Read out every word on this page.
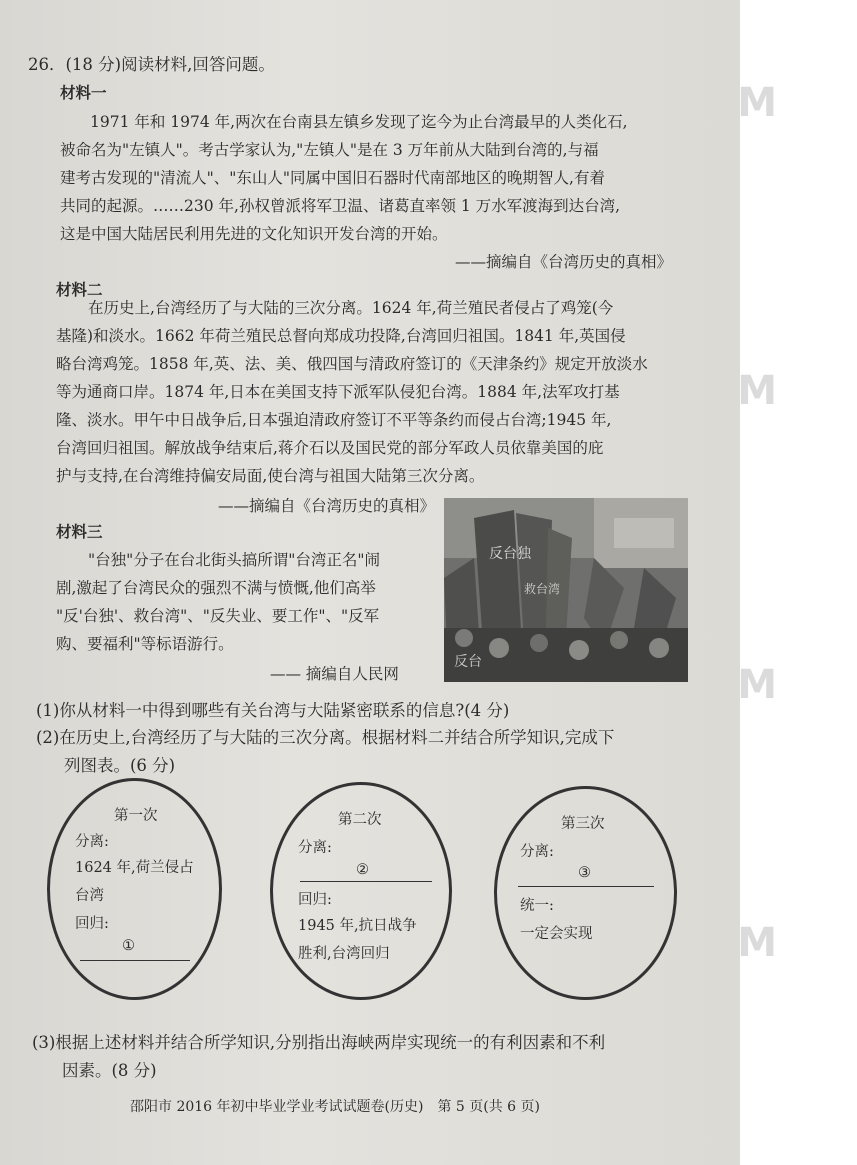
M
M
M
M
26．(18 分)阅读材料,回答问题。
材料一
1971 年和 1974 年,两次在台南县左镇乡发现了迄今为止台湾最早的人类化石,
被命名为"左镇人"。考古学家认为,"左镇人"是在 3 万年前从大陆到台湾的,与福
建考古发现的"清流人"、"东山人"同属中国旧石器时代南部地区的晚期智人,有着
共同的起源。……230 年,孙权曾派将军卫温、诸葛直率领 1 万水军渡海到达台湾,
这是中国大陆居民利用先进的文化知识开发台湾的开始。
——摘编自《台湾历史的真相》
材料二
在历史上,台湾经历了与大陆的三次分离。1624 年,荷兰殖民者侵占了鸡笼(今
基隆)和淡水。1662 年荷兰殖民总督向郑成功投降,台湾回归祖国。1841 年,英国侵
略台湾鸡笼。1858 年,英、法、美、俄四国与清政府签订的《天津条约》规定开放淡水
等为通商口岸。1874 年,日本在美国支持下派军队侵犯台湾。1884 年,法军攻打基
隆、淡水。甲午中日战争后,日本强迫清政府签订不平等条约而侵占台湾;1945 年,
台湾回归祖国。解放战争结束后,蒋介石以及国民党的部分军政人员依靠美国的庇
护与支持,在台湾维持偏安局面,使台湾与祖国大陆第三次分离。
——摘编自《台湾历史的真相》
材料三
"台独"分子在台北街头搞所谓"台湾正名"闹
剧,激起了台湾民众的强烈不满与愤慨,他们高举
"反'台独'、救台湾"、"反失业、要工作"、"反军
购、要福利"等标语游行。
—— 摘编自人民网
反台独
救台湾
反台
(1)你从材料一中得到哪些有关台湾与大陆紧密联系的信息?(4 分)
(2)在历史上,台湾经历了与大陆的三次分离。根据材料二并结合所学知识,完成下
列图表。(6 分)
第一次
分离:
1624 年,荷兰侵占
台湾
回归:
①
第二次
分离:
②
回归:
1945 年,抗日战争
胜利,台湾回归
第三次
分离:
③
统一:
一定会实现
(3)根据上述材料并结合所学知识,分别指出海峡两岸实现统一的有利因素和不利
因素。(8 分)
邵阳市 2016 年初中毕业学业考试试题卷(历史)　第 5 页(共 6 页)
